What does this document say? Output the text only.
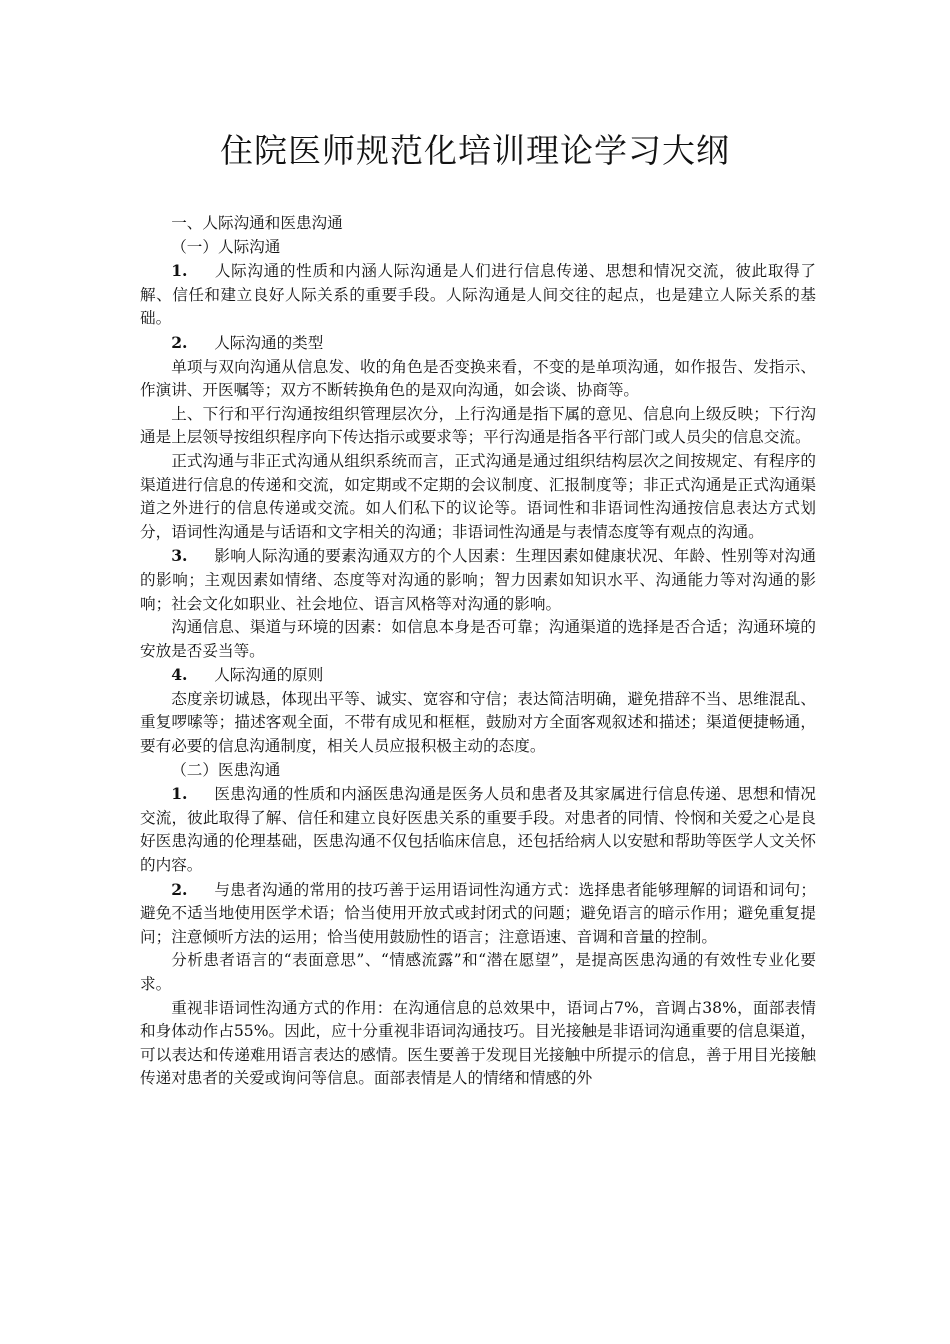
住院医师规范化培训理论学习大纲

一、人际沟通和医患沟通

（一）人际沟通

1. 人际沟通的性质和内涵人际沟通是人们进行信息传递、思想和情况交流，彼此取得了解、信任和建立良好人际关系的重要手段。人际沟通是人间交往的起点，也是建立人际关系的基础。

2. 人际沟通的类型

单项与双向沟通从信息发、收的角色是否变换来看，不变的是单项沟通，如作报告、发指示、作演讲、开医嘱等；双方不断转换角色的是双向沟通，如会谈、协商等。

上、下行和平行沟通按组织管理层次分，上行沟通是指下属的意见、信息向上级反映；下行沟通是上层领导按组织程序向下传达指示或要求等；平行沟通是指各平行部门或人员尖的信息交流。

正式沟通与非正式沟通从组织系统而言，正式沟通是通过组织结构层次之间按规定、有程序的渠道进行信息的传递和交流，如定期或不定期的会议制度、汇报制度等；非正式沟通是正式沟通渠道之外进行的信息传递或交流。如人们私下的议论等。语词性和非语词性沟通按信息表达方式划分，语词性沟通是与话语和文字相关的沟通；非语词性沟通是与表情态度等有观点的沟通。

3. 影响人际沟通的要素沟通双方的个人因素：生理因素如健康状况、年龄、性别等对沟通的影响；主观因素如情绪、态度等对沟通的影响；智力因素如知识水平、沟通能力等对沟通的影响；社会文化如职业、社会地位、语言风格等对沟通的影响。

沟通信息、渠道与环境的因素：如信息本身是否可靠；沟通渠道的选择是否合适；沟通环境的安放是否妥当等。

4. 人际沟通的原则

态度亲切诚恳，体现出平等、诚实、宽容和守信；表达简洁明确，避免措辞不当、思维混乱、重复啰嗦等；描述客观全面，不带有成见和框框，鼓励对方全面客观叙述和描述；渠道便捷畅通，要有必要的信息沟通制度，相关人员应报积极主动的态度。

（二）医患沟通

1. 医患沟通的性质和内涵医患沟通是医务人员和患者及其家属进行信息传递、思想和情况交流，彼此取得了解、信任和建立良好医患关系的重要手段。对患者的同情、怜悯和关爱之心是良好医患沟通的伦理基础，医患沟通不仅包括临床信息，还包括给病人以安慰和帮助等医学人文关怀的内容。

2. 与患者沟通的常用的技巧善于运用语词性沟通方式：选择患者能够理解的词语和词句；避免不适当地使用医学术语；恰当使用开放式或封闭式的问题；避免语言的暗示作用；避免重复提问；注意倾听方法的运用；恰当使用鼓励性的语言；注意语速、音调和音量的控制。

分析患者语言的“表面意思”、“情感流露”和“潜在愿望”，是提高医患沟通的有效性专业化要求。

重视非语词性沟通方式的作用：在沟通信息的总效果中，语词占7%，音调占38%，面部表情和身体动作占55%。因此，应十分重视非语词沟通技巧。目光接触是非语词沟通重要的信息渠道，可以表达和传递难用语言表达的感情。医生要善于发现目光接触中所提示的信息，善于用目光接触传递对患者的关爱或询问等信息。面部表情是人的情绪和情感的外
